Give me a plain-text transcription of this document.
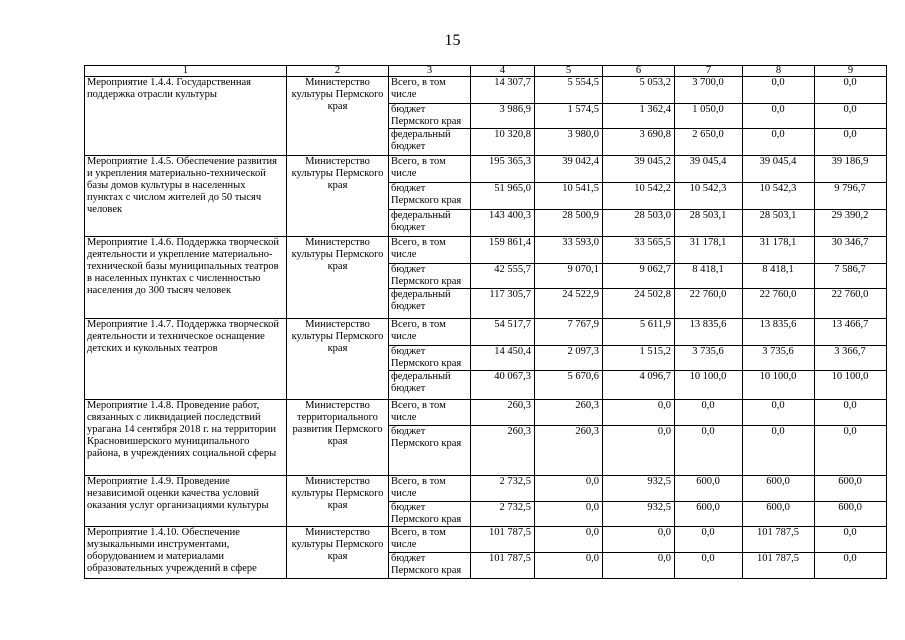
15
1	2	3	4	5	6	7	8	9
Мероприятие 1.4.4. Государственная поддержка отрасли культуры	Министерство культуры Пермского края	Всего, в том числе	14 307,7	5 554,5	5 053,2	3 700,0	0,0	0,0
		бюджет Пермского края	3 986,9	1 574,5	1 362,4	1 050,0	0,0	0,0
		федеральный бюджет	10 320,8	3 980,0	3 690,8	2 650,0	0,0	0,0
Мероприятие 1.4.5. Обеспечение развития и укрепления материально-технической базы домов культуры в населенных пунктах с числом жителей до 50 тысяч человек	Министерство культуры Пермского края	Всего, в том числе	195 365,3	39 042,4	39 045,2	39 045,4	39 045,4	39 186,9
		бюджет Пермского края	51 965,0	10 541,5	10 542,2	10 542,3	10 542,3	9 796,7
		федеральный бюджет	143 400,3	28 500,9	28 503,0	28 503,1	28 503,1	29 390,2
Мероприятие 1.4.6. Поддержка творческой деятельности и укрепление материально-технической базы муниципальных театров в населенных пунктах с численностью населения до 300 тысяч человек	Министерство культуры Пермского края	Всего, в том числе	159 861,4	33 593,0	33 565,5	31 178,1	31 178,1	30 346,7
		бюджет Пермского края	42 555,7	9 070,1	9 062,7	8 418,1	8 418,1	7 586,7
		федеральный бюджет	117 305,7	24 522,9	24 502,8	22 760,0	22 760,0	22 760,0
Мероприятие 1.4.7. Поддержка творческой деятельности и техническое оснащение детских и кукольных театров	Министерство культуры Пермского края	Всего, в том числе	54 517,7	7 767,9	5 611,9	13 835,6	13 835,6	13 466,7
		бюджет Пермского края	14 450,4	2 097,3	1 515,2	3 735,6	3 735,6	3 366,7
		федеральный бюджет	40 067,3	5 670,6	4 096,7	10 100,0	10 100,0	10 100,0
Мероприятие 1.4.8. Проведение работ, связанных с ликвидацией последствий урагана 14 сентября 2018 г. на территории Красновишерского муниципального района, в учреждениях социальной сферы	Министерство территориального развития Пермского края	Всего, в том числе	260,3	260,3	0,0	0,0	0,0	0,0
		бюджет Пермского края	260,3	260,3	0,0	0,0	0,0	0,0
Мероприятие 1.4.9. Проведение независимой оценки качества условий оказания услуг организациями культуры	Министерство культуры Пермского края	Всего, в том числе	2 732,5	0,0	932,5	600,0	600,0	600,0
		бюджет Пермского края	2 732,5	0,0	932,5	600,0	600,0	600,0
Мероприятие 1.4.10. Обеспечение музыкальными инструментами, оборудованием и материалами образовательных учреждений в сфере	Министерство культуры Пермского края	Всего, в том числе	101 787,5	0,0	0,0	0,0	101 787,5	0,0
		бюджет Пермского края	101 787,5	0,0	0,0	0,0	101 787,5	0,0
